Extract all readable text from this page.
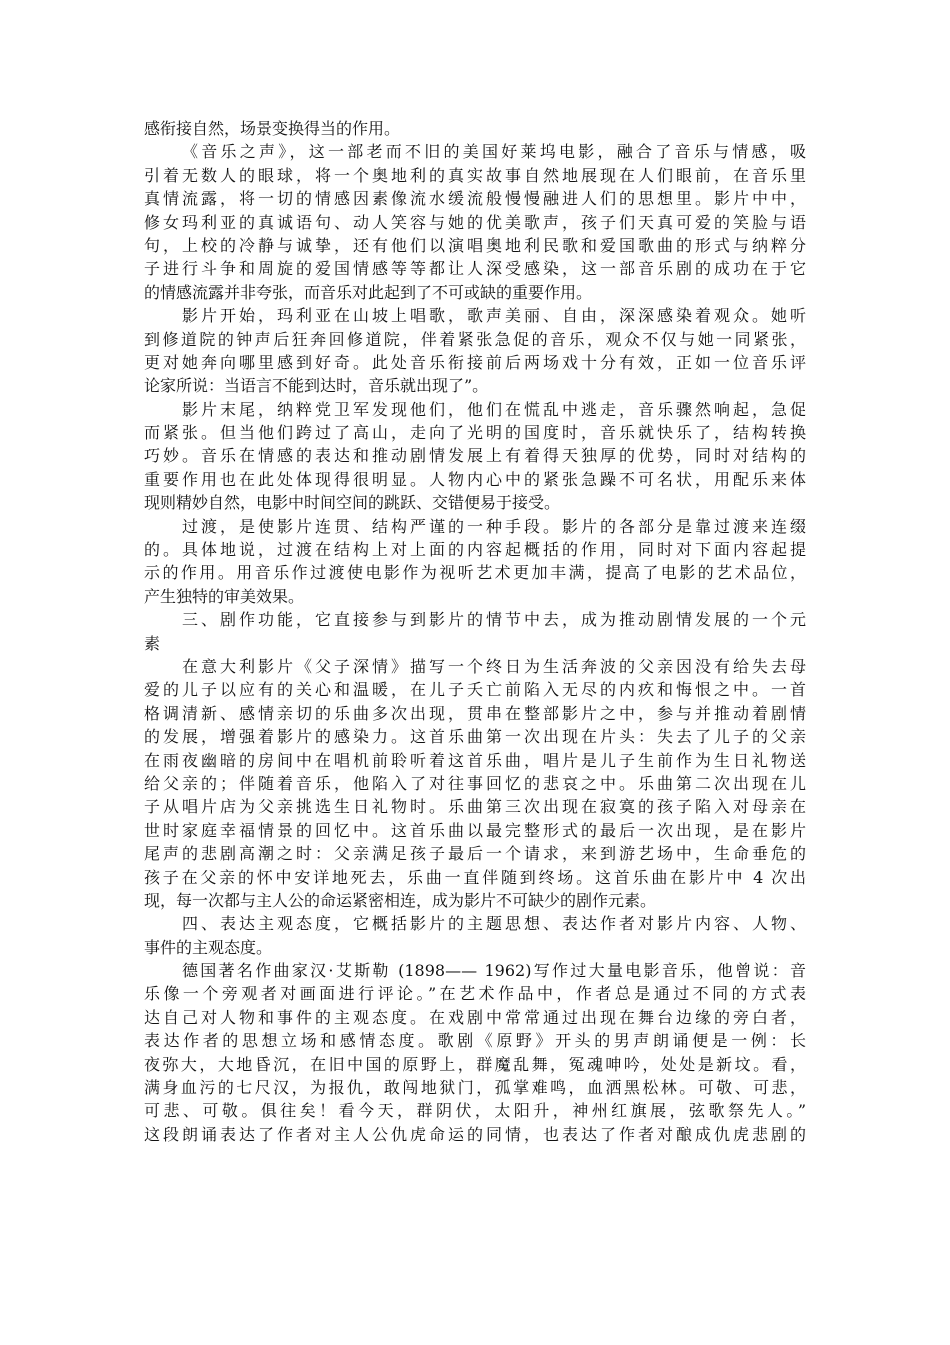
感衔接自然，场景变换得当的作用。
《音乐之声》，这一部老而不旧的美国好莱坞电影，融合了音乐与情感，吸
引着无数人的眼球，将一个奥地利的真实故事自然地展现在人们眼前，在音乐里
真情流露，将一切的情感因素像流水缓流般慢慢融进人们的思想里。影片中中，
修女玛利亚的真诚语句、动人笑容与她的优美歌声，孩子们天真可爱的笑脸与语
句，上校的冷静与诚挚，还有他们以演唱奥地利民歌和爱国歌曲的形式与纳粹分
子进行斗争和周旋的爱国情感等等都让人深受感染，这一部音乐剧的成功在于它
的情感流露并非夸张，而音乐对此起到了不可或缺的重要作用。
影片开始，玛利亚在山坡上唱歌，歌声美丽、自由，深深感染着观众。她听
到修道院的钟声后狂奔回修道院，伴着紧张急促的音乐，观众不仅与她一同紧张，
更对她奔向哪里感到好奇。此处音乐衔接前后两场戏十分有效，正如一位音乐评
论家所说：当语言不能到达时，音乐就出现了”。
影片末尾，纳粹党卫军发现他们，他们在慌乱中逃走，音乐骤然响起，急促
而紧张。但当他们跨过了高山，走向了光明的国度时，音乐就快乐了，结构转换
巧妙。音乐在情感的表达和推动剧情发展上有着得天独厚的优势，同时对结构的
重要作用也在此处体现得很明显。人物内心中的紧张急躁不可名状，用配乐来体
现则精妙自然，电影中时间空间的跳跃、交错便易于接受。
过渡，是使影片连贯、结构严谨的一种手段。影片的各部分是靠过渡来连缀
的。具体地说，过渡在结构上对上面的内容起概括的作用，同时对下面内容起提
示的作用。用音乐作过渡使电影作为视听艺术更加丰满，提高了电影的艺术品位，
产生独特的审美效果。
三、剧作功能，它直接参与到影片的情节中去，成为推动剧情发展的一个元
素
在意大利影片《父子深情》描写一个终日为生活奔波的父亲因没有给失去母
爱的儿子以应有的关心和温暖，在儿子夭亡前陷入无尽的内疚和悔恨之中。一首
格调清新、感情亲切的乐曲多次出现，贯串在整部影片之中，参与并推动着剧情
的发展，增强着影片的感染力。这首乐曲第一次出现在片头：失去了儿子的父亲
在雨夜幽暗的房间中在唱机前聆听着这首乐曲，唱片是儿子生前作为生日礼物送
给父亲的；伴随着音乐，他陷入了对往事回忆的悲哀之中。乐曲第二次出现在儿
子从唱片店为父亲挑选生日礼物时。乐曲第三次出现在寂寞的孩子陷入对母亲在
世时家庭幸福情景的回忆中。这首乐曲以最完整形式的最后一次出现，是在影片
尾声的悲剧高潮之时：父亲满足孩子最后一个请求，来到游艺场中，生命垂危的
孩子在父亲的怀中安详地死去，乐曲一直伴随到终场。这首乐曲在影片中 4 次出
现，每一次都与主人公的命运紧密相连，成为影片不可缺少的剧作元素。
四、表达主观态度，它概括影片的主题思想、表达作者对影片内容、人物、
事件的主观态度。
德国著名作曲家汉·艾斯勒 (1898—— 1962)写作过大量电影音乐，他曾说：音
乐像一个旁观者对画面进行评论。”在艺术作品中，作者总是通过不同的方式表
达自己对人物和事件的主观态度。在戏剧中常常通过出现在舞台边缘的旁白者，
表达作者的思想立场和感情态度。歌剧《原野》开头的男声朗诵便是一例：长
夜弥大，大地昏沉，在旧中国的原野上，群魔乱舞，冤魂呻吟，处处是新坟。看，
满身血污的七尺汉，为报仇，敢闯地狱门，孤掌难鸣，血洒黑松林。可敬、可悲，
可悲、可敬。俱往矣！看今天，群阴伏，太阳升，神州红旗展，弦歌祭先人。”
这段朗诵表达了作者对主人公仇虎命运的同情，也表达了作者对酿成仇虎悲剧的
